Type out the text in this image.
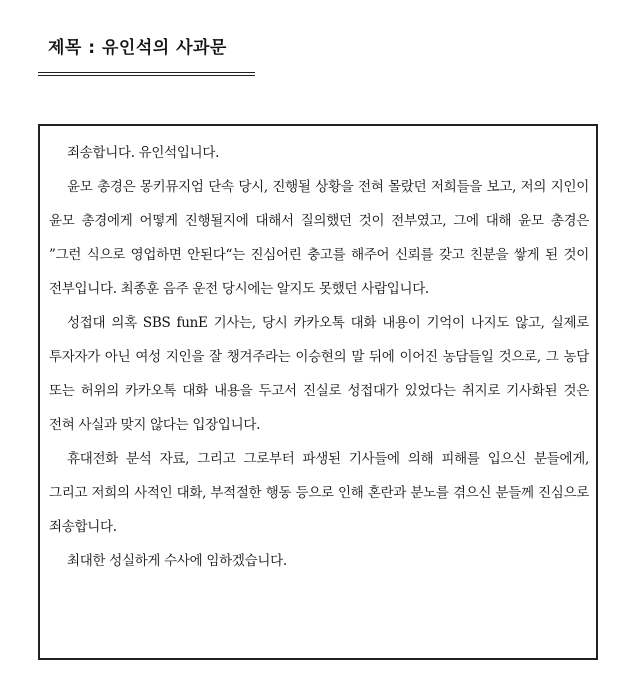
제목 : 유인석의 사과문

죄송합니다. 유인석입니다.

윤모 총경은 몽키뮤지엄 단속 당시, 진행될 상황을 전혀 몰랐던 저희들을 보고, 저의 지인이 윤모 총경에게 어떻게 진행될지에 대해서 질의했던 것이 전부였고, 그에 대해 윤모 총경은 ”그런 식으로 영업하면 안된다“는 진심어린 충고를 해주어 신뢰를 갖고 친분을 쌓게 된 것이 전부입니다. 최종훈 음주 운전 당시에는 알지도 못했던 사람입니다.

성접대 의혹 SBS funE 기사는, 당시 카카오톡 대화 내용이 기억이 나지도 않고, 실제로 투자자가 아닌 여성 지인을 잘 챙겨주라는 이승현의 말 뒤에 이어진 농담들일 것으로, 그 농담 또는 허위의 카카오톡 대화 내용을 두고서 진실로 성접대가 있었다는 취지로 기사화된 것은 전혀 사실과 맞지 않다는 입장입니다.

휴대전화 분석 자료, 그리고 그로부터 파생된 기사들에 의해 피해를 입으신 분들에게, 그리고 저희의 사적인 대화, 부적절한 행동 등으로 인해 혼란과 분노를 겪으신 분들께 진심으로 죄송합니다.

최대한 성실하게 수사에 임하겠습니다.
